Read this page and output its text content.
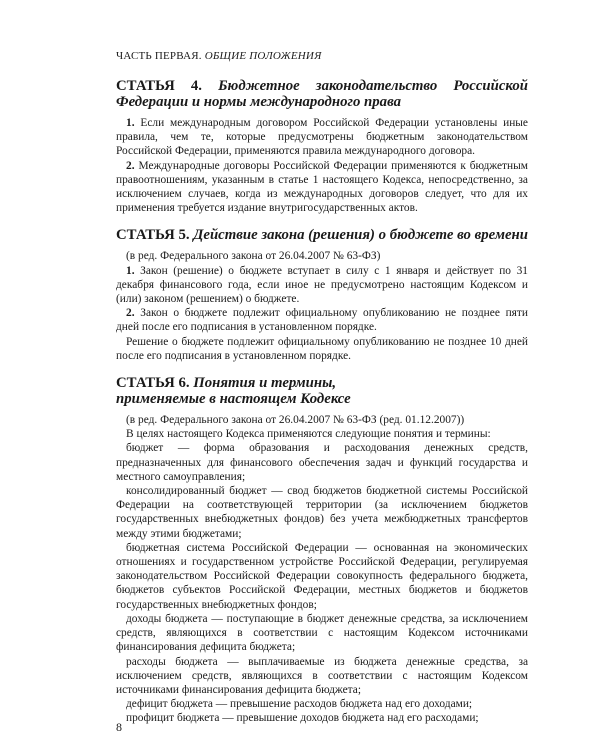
ЧАСТЬ ПЕРВАЯ. ОБЩИЕ ПОЛОЖЕНИЯ
СТАТЬЯ 4. Бюджетное законодательство Российской Федерации и нормы международного права

1. Если международным договором Российской Федерации установлены иные правила, чем те, которые предусмотрены бюджетным законодательством Российской Федерации, применяются правила международного договора.

2. Международные договоры Российской Федерации применяются к бюджетным правоотношениям, указанным в статье 1 настоящего Кодекса, непосредственно, за исключением случаев, когда из международных договоров следует, что для их применения требуется издание внутригосударственных актов.

СТАТЬЯ 5. Действие закона (решения) о бюджете во времени

(в ред. Федерального закона от 26.04.2007 № 63-ФЗ)

1. Закон (решение) о бюджете вступает в силу с 1 января и действует по 31 декабря финансового года, если иное не предусмотрено настоящим Кодексом и (или) законом (решением) о бюджете.

2. Закон о бюджете подлежит официальному опубликованию не позднее пяти дней после его подписания в установленном порядке.

Решение о бюджете подлежит официальному опубликованию не позднее 10 дней после его подписания в установленном порядке.

СТАТЬЯ 6. Понятия и термины,
применяемые в настоящем Кодексе

(в ред. Федерального закона от 26.04.2007 № 63-ФЗ (ред. 01.12.2007))

В целях настоящего Кодекса применяются следующие понятия и термины:

бюджет — форма образования и расходования денежных средств, предназначенных для финансового обеспечения задач и функций государства и местного самоуправления;

консолидированный бюджет — свод бюджетов бюджетной системы Российской Федерации на соответствующей территории (за исключением бюджетов государственных внебюджетных фондов) без учета межбюджетных трансфертов между этими бюджетами;

бюджетная система Российской Федерации — основанная на экономических отношениях и государственном устройстве Российской Федерации, регулируемая законодательством Российской Федерации совокупность федерального бюджета, бюджетов субъектов Российской Федерации, местных бюджетов и бюджетов государственных внебюджетных фондов;

доходы бюджета — поступающие в бюджет денежные средства, за исключением средств, являющихся в соответствии с настоящим Кодексом источниками финансирования дефицита бюджета;

расходы бюджета — выплачиваемые из бюджета денежные средства, за исключением средств, являющихся в соответствии с настоящим Кодексом источниками финансирования дефицита бюджета;

дефицит бюджета — превышение расходов бюджета над его доходами;

профицит бюджета — превышение доходов бюджета над его расходами;

8
